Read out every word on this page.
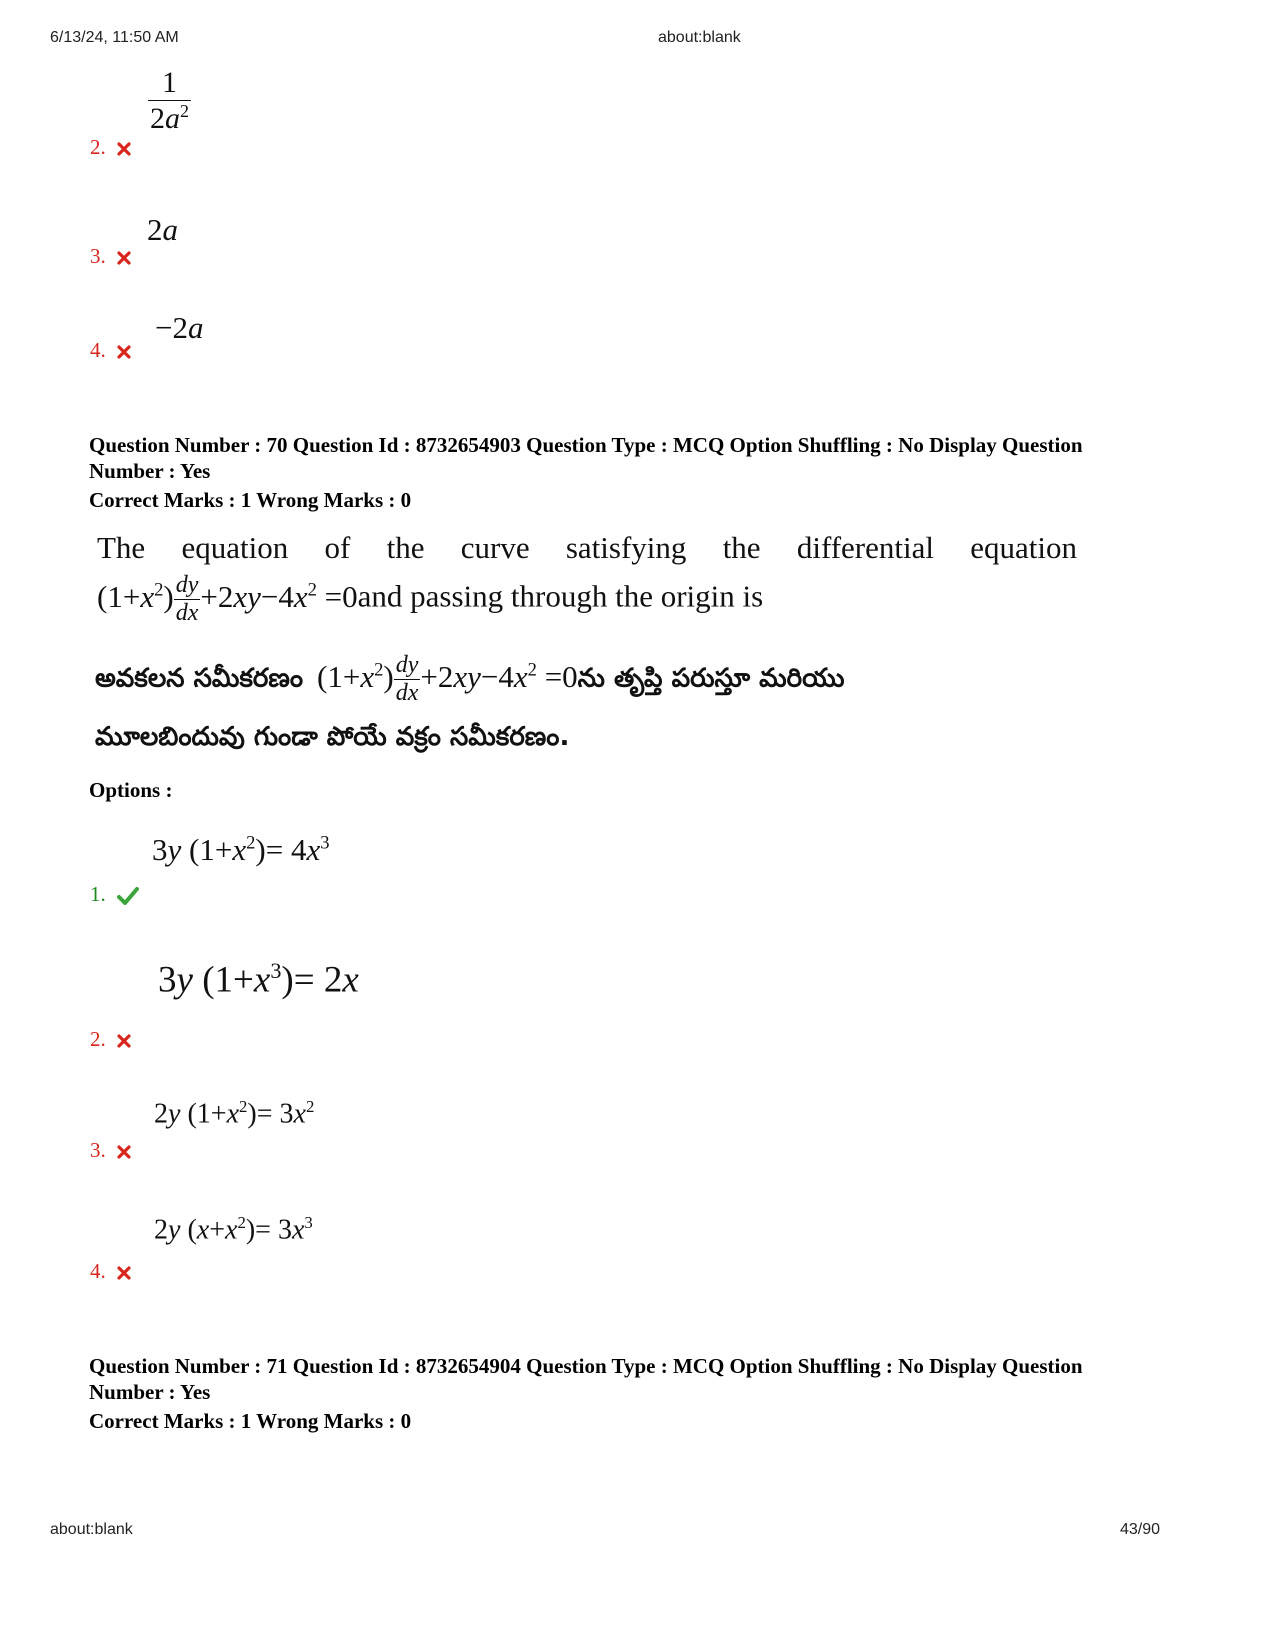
6/13/24, 11:50 AM	about:blank
$\frac{1}{2a^2}$
2.
2a
3.
−2a
4.
Question Number : 70 Question Id : 8732654903 Question Type : MCQ Option Shuffling : No Display Question
Number : Yes
Correct Marks : 1 Wrong Marks : 0
The equation of the curve satisfying the differential equation
$(1+x^2) \frac{dy}{dx} +2xy-4x^2 =0and$ passing through the origin is
అవకలన సమీకరణం $(1+x^2) \frac{dy}{dx} +2xy-4x^2$ =0ను తృప్తి పరుస్తూ మరియు
మూలబిందువు గుండా పోయే వక్రం సమీకరణం.
Options :
3y $(1+x^2)= 4x^3$
1.
3y $(1+x^3)= 2x$
2.
2y $(1+x^2)= 3x^2$
3.
2y $(x+x^2)= 3x^3$
4.
Question Number : 71 Question Id : 8732654904 Question Type : MCQ Option Shuffling : No Display Question
Number : Yes
Correct Marks : 1 Wrong Marks : 0
about:blank	43/90
